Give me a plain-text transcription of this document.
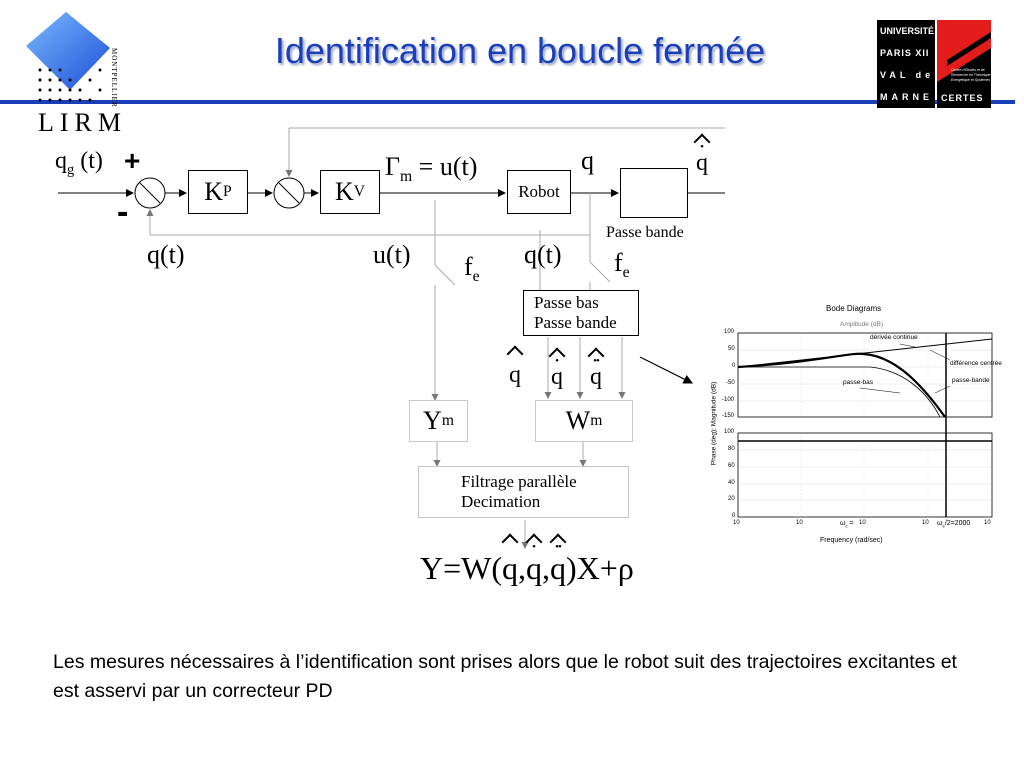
Identification en boucle fermée
LIRM
MONTPELLIER
UNIVERSITÉ
PARIS XII
VAL de
MARNE
Centre d'Etudes et de Recherche en Thermique Energétique et Systèmes
CERTES
K P	K V	Robot
$q_g$ (t) +
-
$\Gamma_m = u(t)$	q	q •
Passe bande
q(t)	u(t)	q(t)
$f_e$	$f_e$
Passe bas
Passe bande
q q • q ••
Y m	W m
Filtrage parallèle
Decimation
Y=W(q,q •,q ••)X+ρ
Bode Diagrams
Amplitude (dB)
Phase (deg); Magnitude (dB)
Frequency (rad/sec)
dérivée continue
différence centrée
passe-bas	passe-bande
$\omega_c$ =	$\omega_e/2=2000$
100
50
0
-50
-100
-150
100
80
60
40
20
0
10	10	10	10	10
Les mesures nécessaires à l’identification sont prises alors que le robot suit des trajectoires excitantes et est asservi par un correcteur PD
